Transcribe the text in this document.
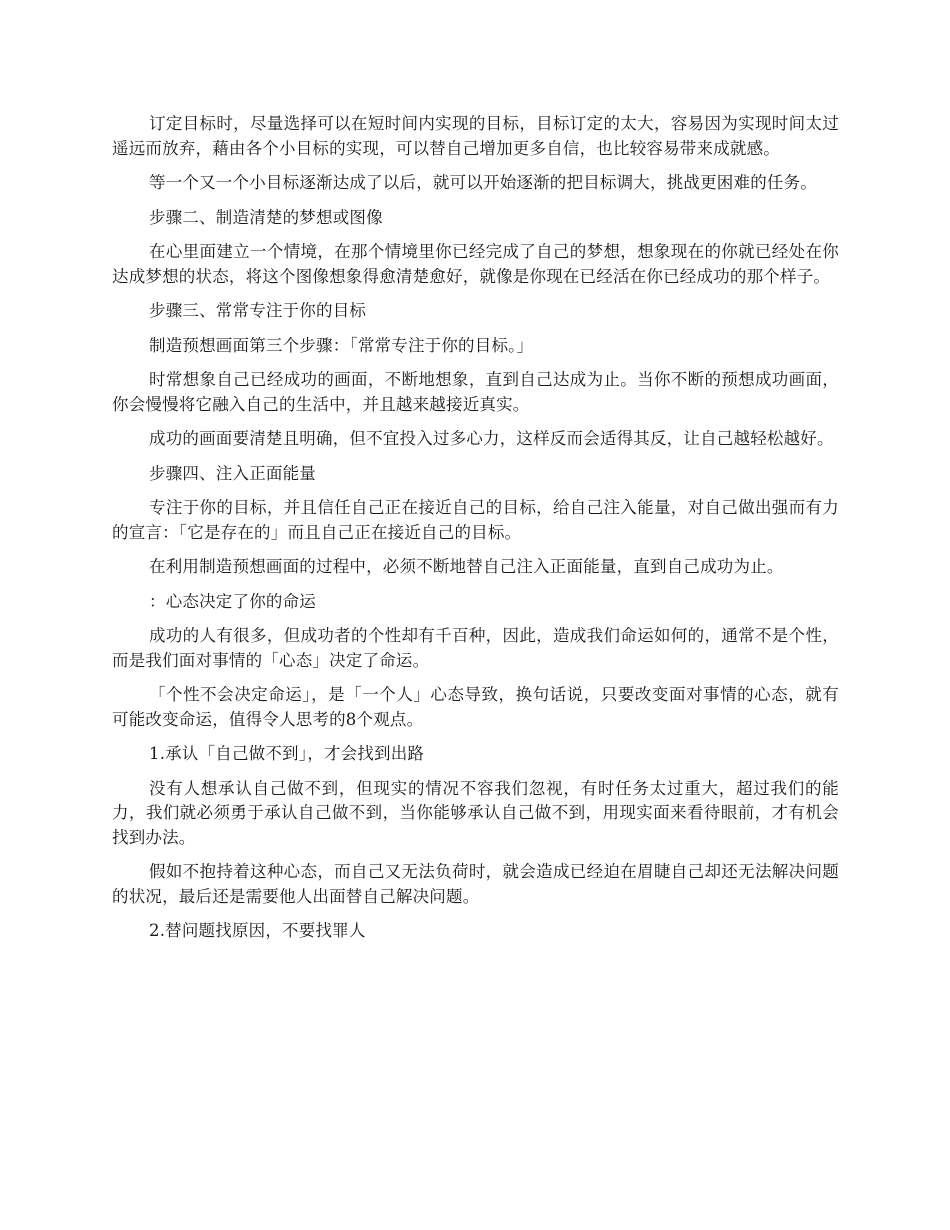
订定目标时，尽量选择可以在短时间内实现的目标，目标订定的太大，容易因为实现时间太过遥远而放弃，藉由各个小目标的实现，可以替自己增加更多自信，也比较容易带来成就感。

等一个又一个小目标逐渐达成了以后，就可以开始逐渐的把目标调大，挑战更困难的任务。

步骤二、制造清楚的梦想或图像

在心里面建立一个情境，在那个情境里你已经完成了自己的梦想，想象现在的你就已经处在你达成梦想的状态，将这个图像想象得愈清楚愈好，就像是你现在已经活在你已经成功的那个样子。

步骤三、常常专注于你的目标

制造预想画面第三个步骤：「常常专注于你的目标。」

时常想象自己已经成功的画面，不断地想象，直到自己达成为止。当你不断的预想成功画面，你会慢慢将它融入自己的生活中，并且越来越接近真实。

成功的画面要清楚且明确，但不宜投入过多心力，这样反而会适得其反，让自己越轻松越好。

步骤四、注入正面能量

专注于你的目标，并且信任自己正在接近自己的目标，给自己注入能量，对自己做出强而有力的宣言：「它是存在的」而且自己正在接近自己的目标。

在利用制造预想画面的过程中，必须不断地替自己注入正面能量，直到自己成功为止。

：心态决定了你的命运

成功的人有很多，但成功者的个性却有千百种，因此，造成我们命运如何的，通常不是个性，而是我们面对事情的「心态」决定了命运。

「个性不会决定命运」，是「一个人」心态导致，换句话说，只要改变面对事情的心态，就有可能改变命运，值得令人思考的8个观点。

1.承认「自己做不到」，才会找到出路

没有人想承认自己做不到，但现实的情况不容我们忽视，有时任务太过重大，超过我们的能力，我们就必须勇于承认自己做不到，当你能够承认自己做不到，用现实面来看待眼前，才有机会找到办法。

假如不抱持着这种心态，而自己又无法负荷时，就会造成已经迫在眉睫自己却还无法解决问题的状况，最后还是需要他人出面替自己解决问题。

2.替问题找原因，不要找罪人
